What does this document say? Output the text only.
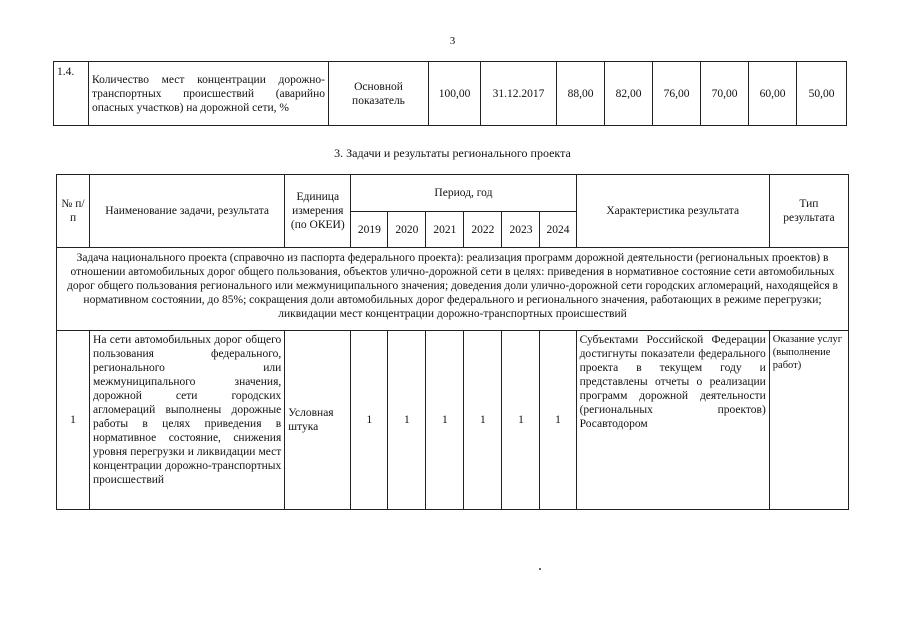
3
1.4.	Количество мест концентрации дорожно-транспортных происшествий (аварийно опасных участков) на дорожной сети, %	Основной показатель	100,00	31.12.2017	88,00	82,00	76,00	70,00	60,00	50,00
3. Задачи и результаты регионального проекта
№ п/п	Наименование задачи, результата	Единица измерения (по ОКЕИ)	Период, год						Характеристика результата	Тип результата
			2019	2020	2021	2022	2023	2024		
Задача национального проекта (справочно из паспорта федерального проекта): реализация программ дорожной деятельности (региональных проектов) в отношении автомобильных дорог общего пользования, объектов улично-дорожной сети в целях: приведения в нормативное состояние сети автомобильных дорог общего пользования регионального или межмуниципального значения; доведения доли улично-дорожной сети городских агломераций, находящейся в нормативном состоянии, до 85%; сокращения доли автомобильных дорог федерального и регионального значения, работающих в режиме перегрузки; ликвидации мест концентрации дорожно-транспортных происшествий										
1	На сети автомобильных дорог общего пользования федерального, регионального или межмуниципального значения, дорожной сети городских агломераций выполнены дорожные работы в целях приведения в нормативное состояние, снижения уровня перегрузки и ликвидации мест концентрации дорожно-транспортных происшествий	Условная штука	1	1	1	1	1	1	Субъектами Российской Федерации достигнуты показатели федерального проекта в текущем году и представлены отчеты о реализации программ дорожной деятельности (региональных проектов) Росавтодором	Оказание услуг (выполнение работ)
